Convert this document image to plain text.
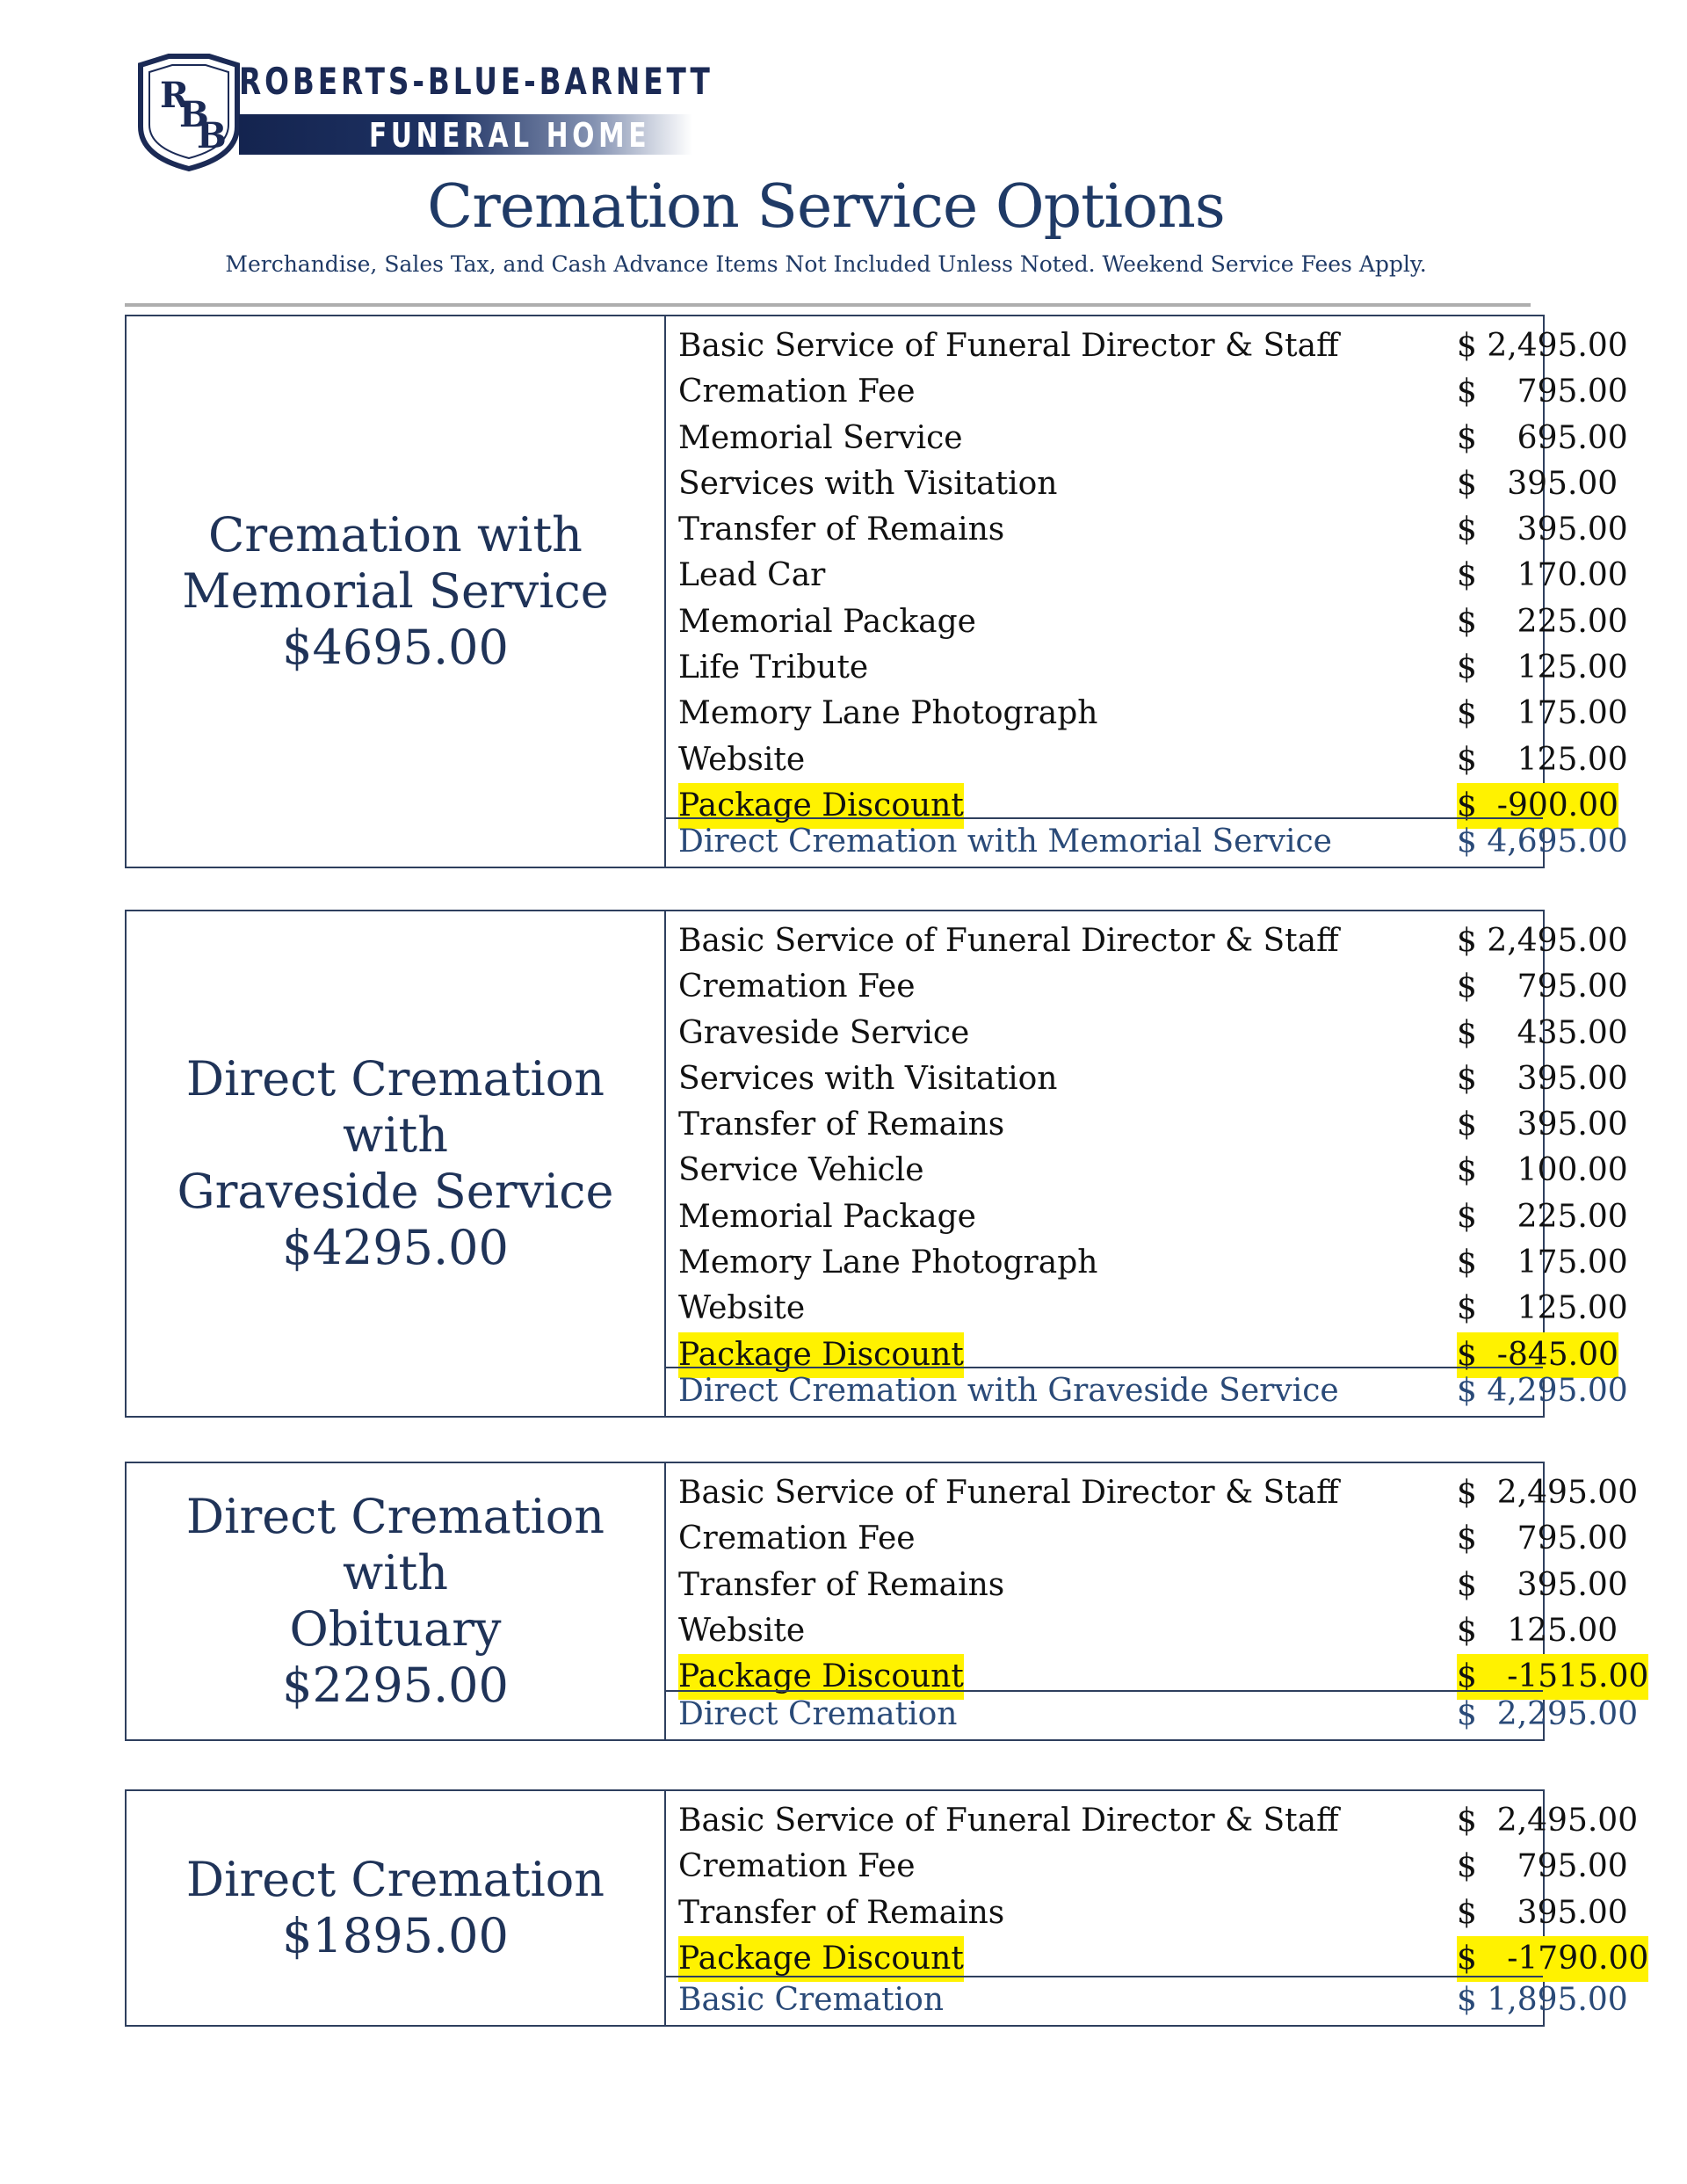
R
B
B
ROBERTS-BLUE-BARNETT
FUNERAL HOME
Cremation Service Options
Merchandise, Sales Tax, and Cash Advance Items Not Included Unless Noted. Weekend Service Fees Apply.
Cremation with
Memorial Service
$4695.00
Basic Service of Funeral Director & Staff	$ 2,495.00
Cremation Fee	$    795.00
Memorial Service	$    695.00
Services with Visitation	$   395.00
Transfer of Remains	$    395.00
Lead Car	$    170.00
Memorial Package	$    225.00
Life Tribute	$    125.00
Memory Lane Photograph	$    175.00
Website	$    125.00
Package Discount	$  -900.00
Direct Cremation with Memorial Service	$ 4,695.00
Direct Cremation with
Graveside Service
$4295.00
Basic Service of Funeral Director & Staff	$ 2,495.00
Cremation Fee	$    795.00
Graveside Service	$    435.00
Services with Visitation	$    395.00
Transfer of Remains	$    395.00
Service Vehicle	$    100.00
Memorial Package	$    225.00
Memory Lane Photograph	$    175.00
Website	$    125.00
Package Discount	$  -845.00
Direct Cremation with Graveside Service	$ 4,295.00
Direct Cremation with
Obituary
$2295.00
Basic Service of Funeral Director & Staff	$  2,495.00
Cremation Fee	$    795.00
Transfer of Remains	$    395.00
Website	$   125.00
Package Discount	$   -1515.00
Direct Cremation	$  2,295.00
Direct Cremation
$1895.00
Basic Service of Funeral Director & Staff	$  2,495.00
Cremation Fee	$    795.00
Transfer of Remains	$    395.00
Package Discount	$   -1790.00
Basic Cremation	$ 1,895.00
